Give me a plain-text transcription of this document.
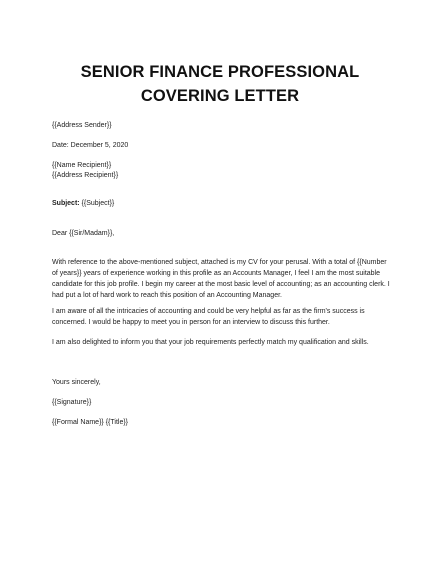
SENIOR FINANCE PROFESSIONAL
COVERING LETTER
{{Address Sender}}
Date: December 5, 2020
{{Name Recipient}}
{{Address Recipient}}
Subject: {{Subject}}
Dear {{Sir/Madam}},
With reference to the above-mentioned subject, attached is my CV for your perusal. With a total of {{Number of years}} years of experience working in this profile as an Accounts Manager, I feel I am the most suitable candidate for this job profile. I begin my career at the most basic level of accounting; as an accounting clerk. I had put a lot of hard work to reach this position of an Accounting Manager.
I am aware of all the intricacies of accounting and could be very helpful as far as the firm's success is concerned. I would be happy to meet you in person for an interview to discuss this further.
I am also delighted to inform you that your job requirements perfectly match my qualification and skills.
Yours sincerely,
{{Signature}}
{{Formal Name}} {{Title}}
